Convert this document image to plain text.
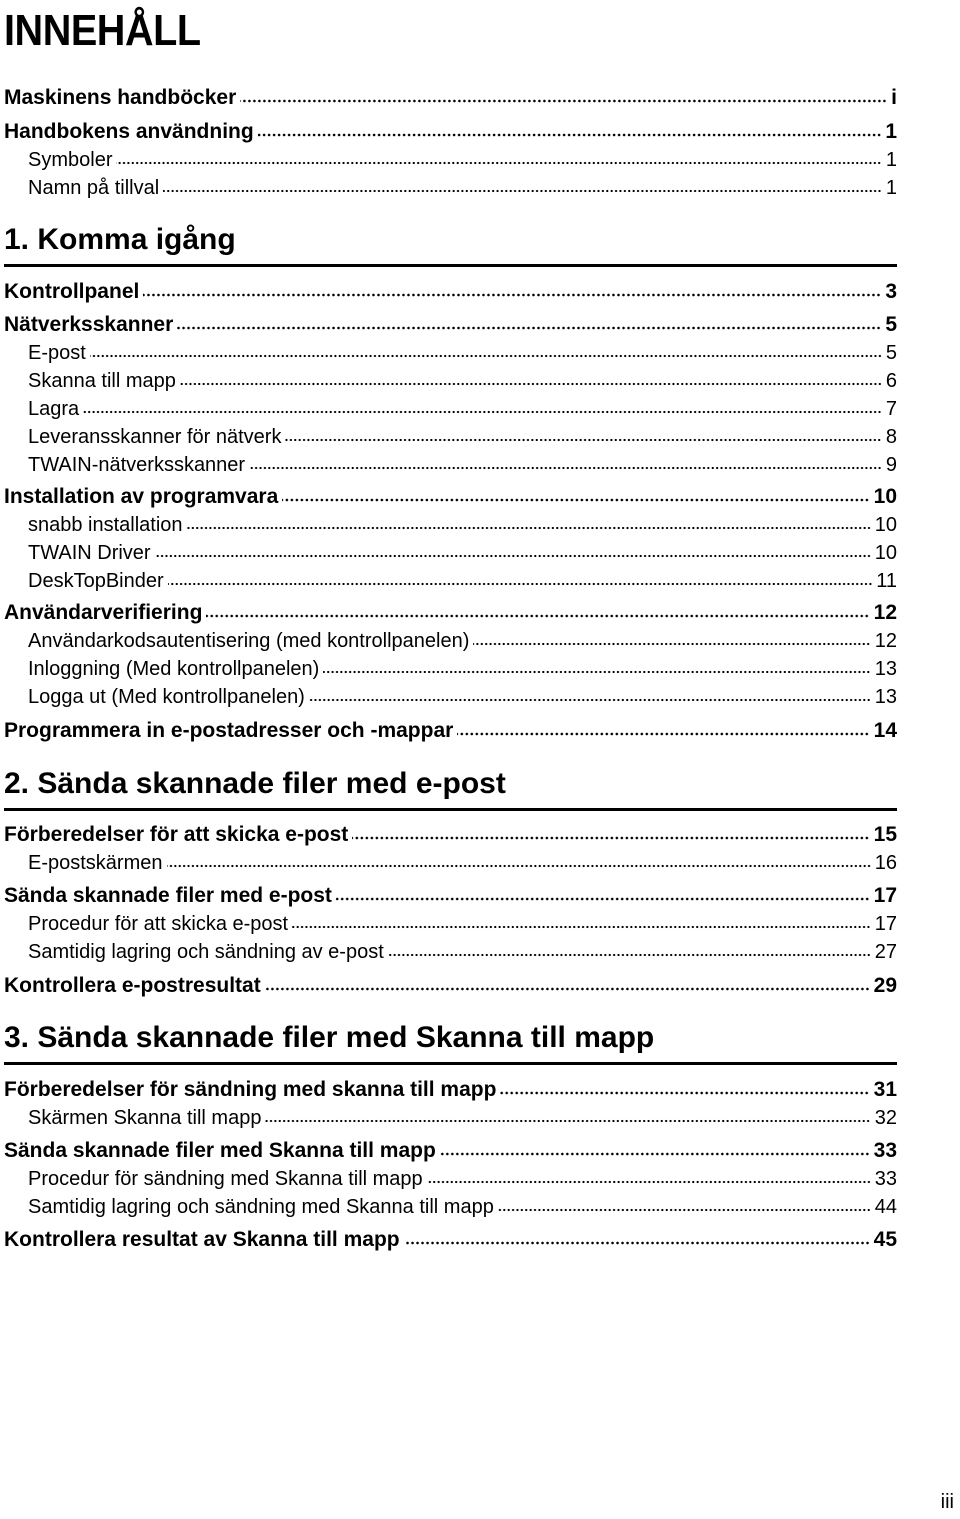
INNEHÅLL
Maskinens handböcker	i
Handbokens användning	1
Symboler	1
Namn på tillval	1
1. Komma igång
Kontrollpanel	3
Nätverksskanner	5
E-post	5
Skanna till mapp	6
Lagra	7
Leveransskanner för nätverk	8
TWAIN-nätverksskanner	9
Installation av programvara	10
snabb installation	10
TWAIN Driver	10
DeskTopBinder	11
Användarverifiering	12
Användarkodsautentisering (med kontrollpanelen)	12
Inloggning (Med kontrollpanelen)	13
Logga ut (Med kontrollpanelen)	13
Programmera in e-postadresser och -mappar	14
2. Sända skannade filer med e-post
Förberedelser för att skicka e-post	15
E-postskärmen	16
Sända skannade filer med e-post	17
Procedur för att skicka e-post	17
Samtidig lagring och sändning av e-post	27
Kontrollera e-postresultat	29
3. Sända skannade filer med Skanna till mapp
Förberedelser för sändning med skanna till mapp	31
Skärmen Skanna till mapp	32
Sända skannade filer med Skanna till mapp	33
Procedur för sändning med Skanna till mapp	33
Samtidig lagring och sändning med Skanna till mapp	44
Kontrollera resultat av Skanna till mapp	45
iii
